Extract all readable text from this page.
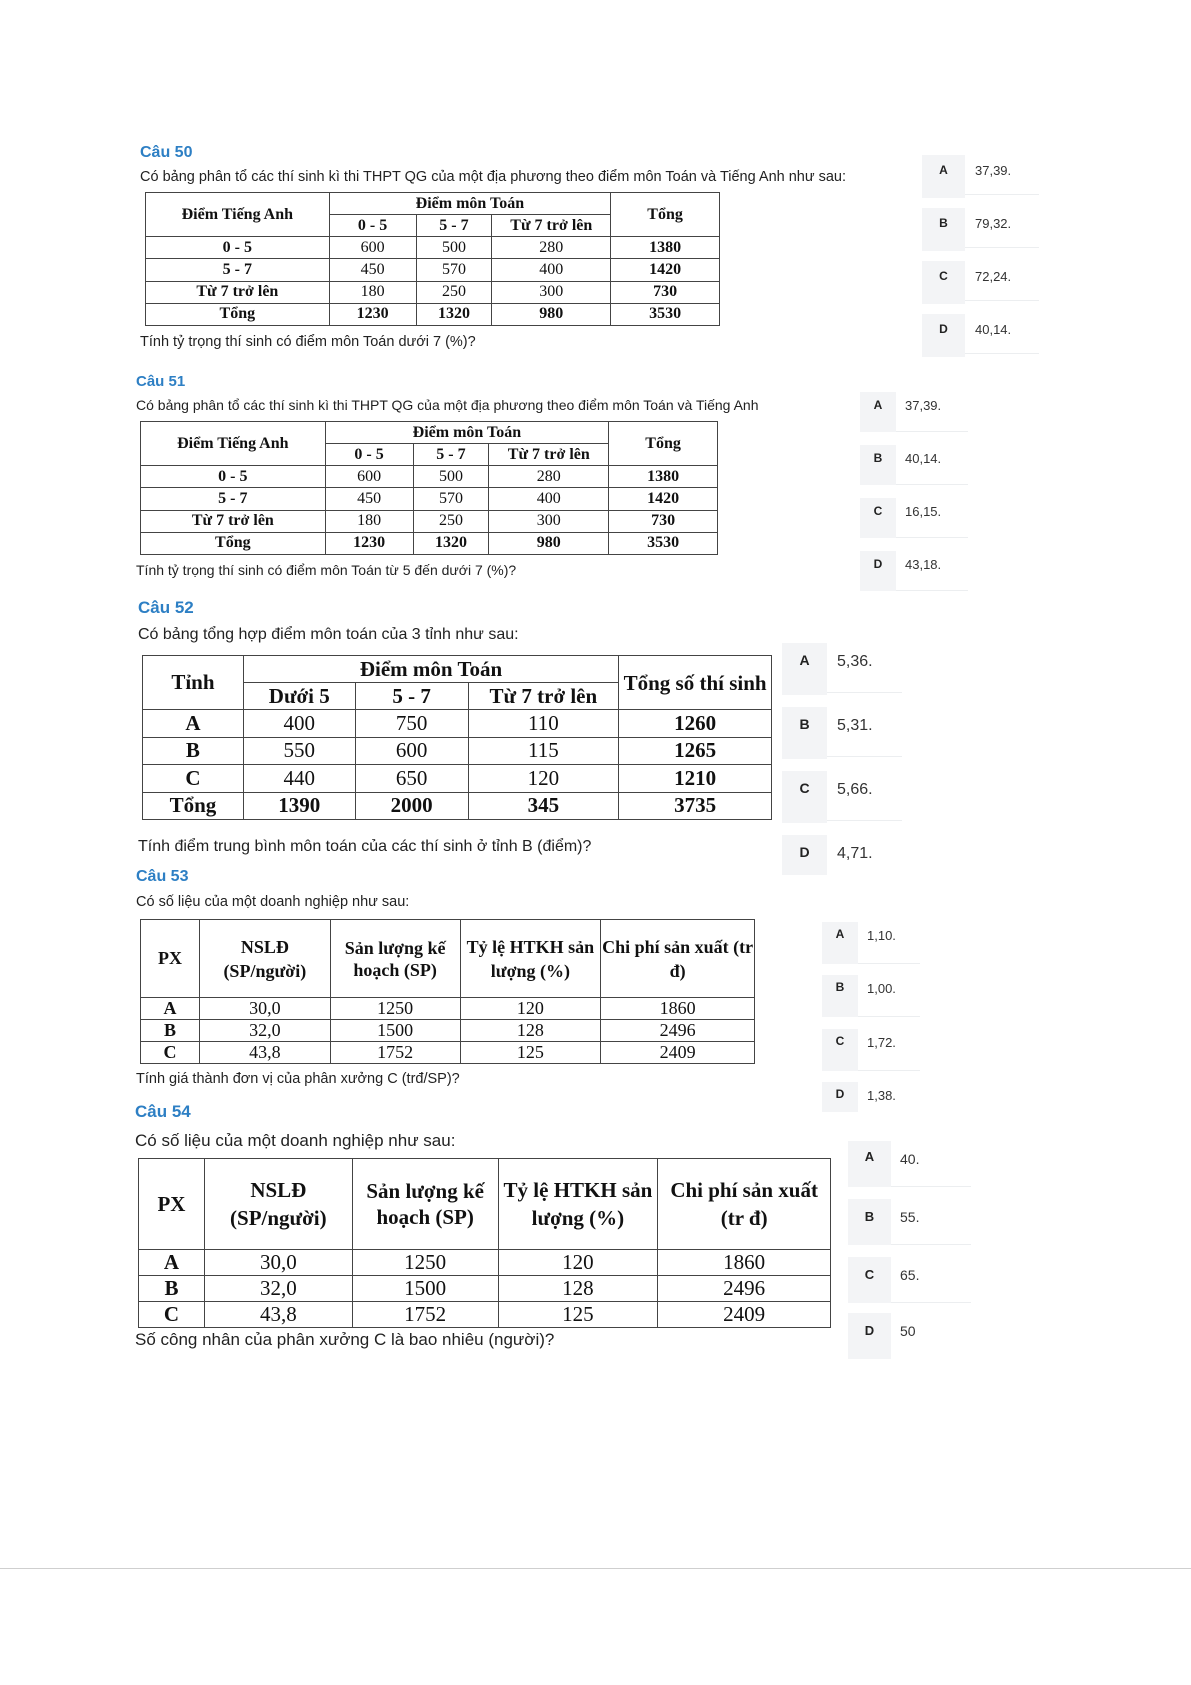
Câu 50
Có bảng phân tổ các thí sinh kì thi THPT QG của một địa phương theo điểm môn Toán và Tiếng Anh như sau:
Điểm Tiếng Anh	Điểm môn Toán			Tổng
	0 - 5	5 - 7	Từ 7 trở lên	
0 - 5	600	500	280	1380
5 - 7	450	570	400	1420
Từ 7 trở lên	180	250	300	730
Tổng	1230	1320	980	3530
Tính tỷ trọng thí sinh có điểm môn Toán dưới 7 (%)?
A	37,39.
B	79,32.
C	72,24.
D	40,14.
Câu 51
Có bảng phân tổ các thí sinh kì thi THPT QG của một địa phương theo điểm môn Toán và Tiếng Anh
Điểm Tiếng Anh	Điểm môn Toán			Tổng
	0 - 5	5 - 7	Từ 7 trở lên	
0 - 5	600	500	280	1380
5 - 7	450	570	400	1420
Từ 7 trở lên	180	250	300	730
Tổng	1230	1320	980	3530
Tính tỷ trọng thí sinh có điểm môn Toán từ 5 đến dưới 7 (%)?
A	37,39.
B	40,14.
C	16,15.
D	43,18.
Câu 52
Có bảng tổng hợp điểm môn toán của 3 tỉnh như sau:
Tỉnh	Điểm môn Toán			Tổng số thí sinh
	Dưới 5	5 - 7	Từ 7 trở lên	
A	400	750	110	1260
B	550	600	115	1265
C	440	650	120	1210
Tổng	1390	2000	345	3735
Tính điểm trung bình môn toán của các thí sinh ở tỉnh B (điểm)?
A	5,36.
B	5,31.
C	5,66.
D	4,71.
Câu 53
Có số liệu của một doanh nghiệp như sau:
PX	NSLĐ (SP/người)	Sản lượng kế hoạch (SP)	Tỷ lệ HTKH sản lượng (%)	Chi phí sản xuất (tr đ)
A	30,0	1250	120	1860
B	32,0	1500	128	2496
C	43,8	1752	125	2409
Tính giá thành đơn vị của phân xưởng C (trđ/SP)?
A	1,10.
B	1,00.
C	1,72.
D	1,38.
Câu 54
Có số liệu của một doanh nghiệp như sau:
PX	NSLĐ (SP/người)	Sản lượng kế hoạch (SP)	Tỷ lệ HTKH sản lượng (%)	Chi phí sản xuất (tr đ)
A	30,0	1250	120	1860
B	32,0	1500	128	2496
C	43,8	1752	125	2409
Số công nhân của phân xưởng C là bao nhiêu (người)?
A	40.
B	55.
C	65.
D	50
